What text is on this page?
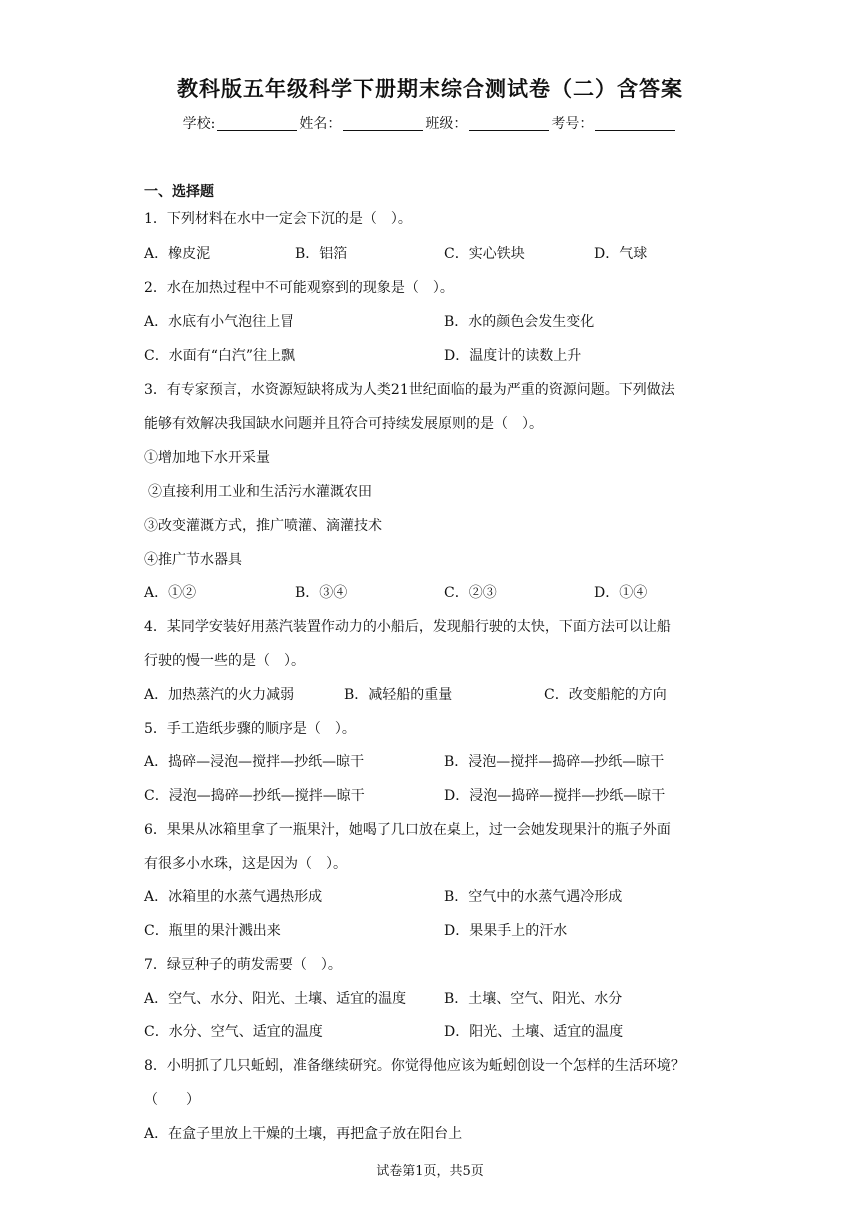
教科版五年级科学下册期末综合测试卷（二）含答案
学校:	姓名：	班级：	考号：
一、选择题
1．下列材料在水中一定会下沉的是（　）。
A．橡皮泥	B．铝箔	C．实心铁块	D．气球
2．水在加热过程中不可能观察到的现象是（　）。
A．水底有小气泡往上冒	B．水的颜色会发生变化
C．水面有“白汽”往上飘	D．温度计的读数上升
3．有专家预言，水资源短缺将成为人类21世纪面临的最为严重的资源问题。下列做法
能够有效解决我国缺水问题并且符合可持续发展原则的是（　）。
①增加地下水开采量
②直接利用工业和生活污水灌溉农田
③改变灌溉方式，推广喷灌、滴灌技术
④推广节水器具
A．①②	B．③④	C．②③	D．①④
4．某同学安装好用蒸汽装置作动力的小船后，发现船行驶的太快，下面方法可以让船
行驶的慢一些的是（　）。
A．加热蒸汽的火力减弱	B．减轻船的重量	C．改变船舵的方向
5．手工造纸步骤的顺序是（　）。
A．捣碎—浸泡—搅拌—抄纸—晾干	B．浸泡—搅拌—捣碎—抄纸—晾干
C．浸泡—捣碎—抄纸—搅拌—晾干	D．浸泡—捣碎—搅拌—抄纸—晾干
6．果果从冰箱里拿了一瓶果汁，她喝了几口放在桌上，过一会她发现果汁的瓶子外面
有很多小水珠，这是因为（　）。
A．冰箱里的水蒸气遇热形成	B．空气中的水蒸气遇冷形成
C．瓶里的果汁溅出来	D．果果手上的汗水
7．绿豆种子的萌发需要（　）。
A．空气、水分、阳光、土壤、适宜的温度	B．土壤、空气、阳光、水分
C．水分、空气、适宜的温度	D．阳光、土壤、适宜的温度
8．小明抓了几只蚯蚓，准备继续研究。你觉得他应该为蚯蚓创设一个怎样的生活环境？
（　　）
A．在盒子里放上干燥的土壤，再把盒子放在阳台上
试卷第1页，共5页
